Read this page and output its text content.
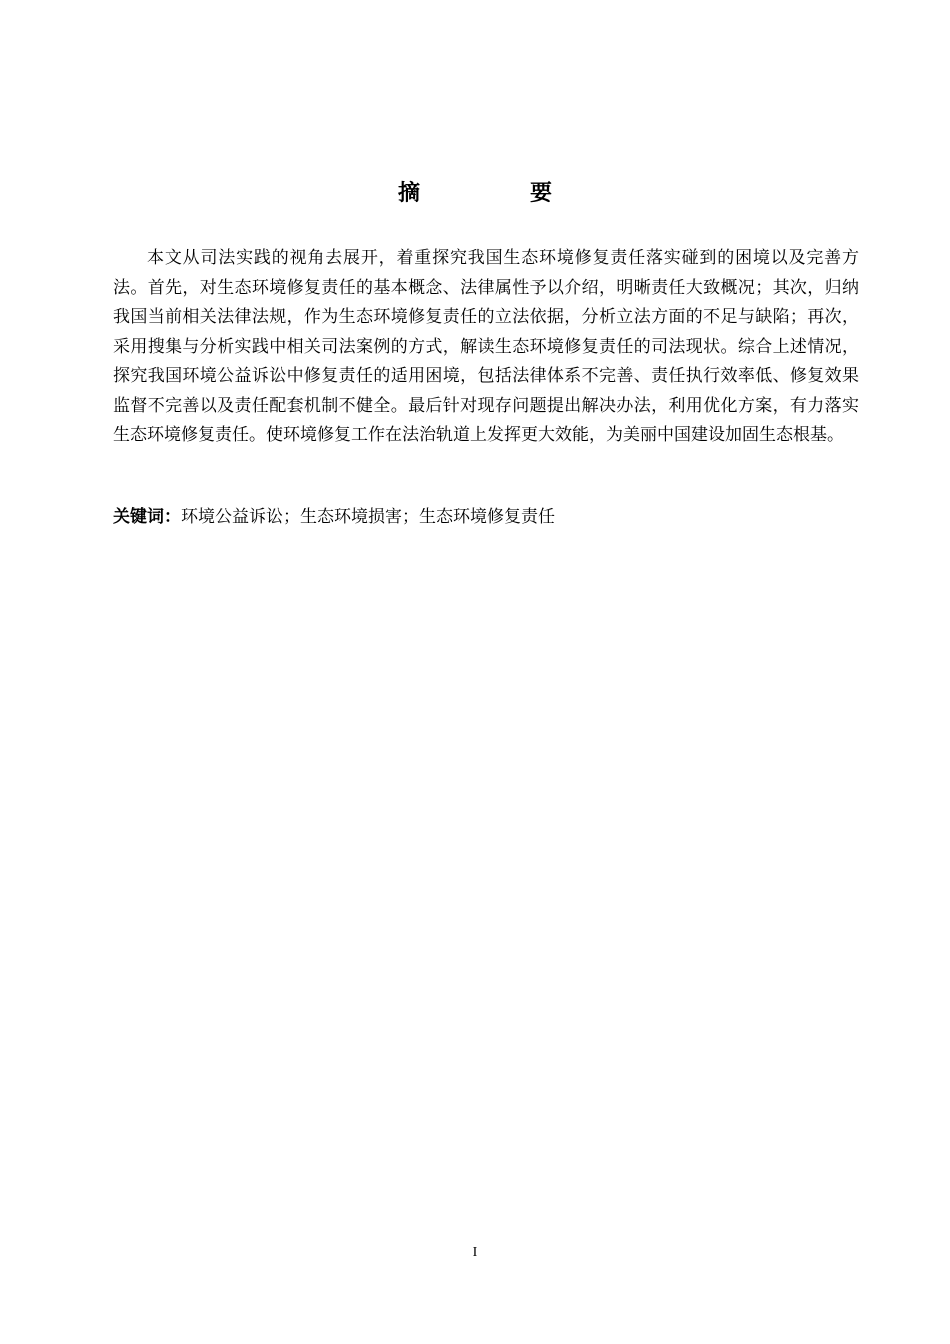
摘　要

本文从司法实践的视角去展开，着重探究我国生态环境修复责任落实碰到的困境以及完善方法。首先，对生态环境修复责任的基本概念、法律属性予以介绍，明晰责任大致概况；其次，归纳我国当前相关法律法规，作为生态环境修复责任的立法依据，分析立法方面的不足与缺陷；再次，采用搜集与分析实践中相关司法案例的方式，解读生态环境修复责任的司法现状。综合上述情况，探究我国环境公益诉讼中修复责任的适用困境，包括法律体系不完善、责任执行效率低、修复效果监督不完善以及责任配套机制不健全。最后针对现存问题提出解决办法，利用优化方案，有力落实生态环境修复责任。使环境修复工作在法治轨道上发挥更大效能，为美丽中国建设加固生态根基。

关键词：环境公益诉讼；生态环境损害；生态环境修复责任

I
